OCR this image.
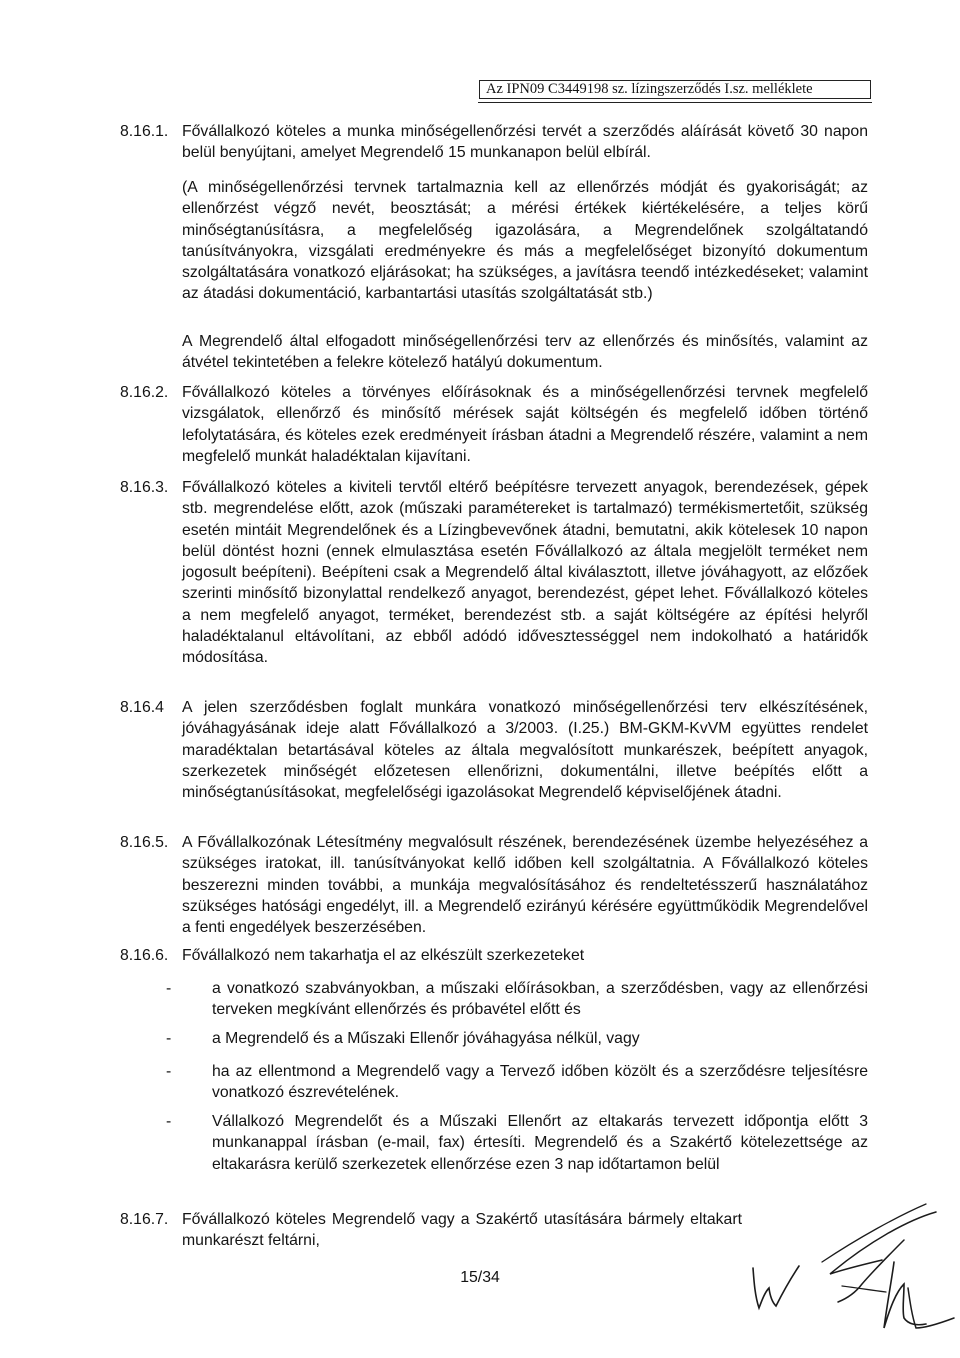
Az IPN09 C3449198 sz. lízingszerződés I.sz. melléklete
8.16.1. Fővállalkozó köteles a munka minőségellenőrzési tervét a szerződés aláírását követő 30 napon belül benyújtani, amelyet Megrendelő 15 munkanapon belül elbírál.

(A minőségellenőrzési tervnek tartalmaznia kell az ellenőrzés módját és gyakoriságát; az ellenőrzést végző nevét, beosztását; a mérési értékek kiértékelésére, a teljes körű minőségtanúsításra, a megfelelőség igazolására, a Megrendelőnek szolgáltatandó tanúsítványokra, vizsgálati eredményekre és más a megfelelőséget bizonyító dokumentum szolgáltatására vonatkozó eljárásokat; ha szükséges, a javításra teendő intézkedéseket; valamint az átadási dokumentáció, karbantartási utasítás szolgáltatását stb.)

A Megrendelő által elfogadott minőségellenőrzési terv az ellenőrzés és minősítés, valamint az átvétel tekintetében a felekre kötelező hatályú dokumentum.

8.16.2. Fővállalkozó köteles a törvényes előírásoknak és a minőségellenőrzési tervnek megfelelő vizsgálatok, ellenőrző és minősítő mérések saját költségén és megfelelő időben történő lefolytatására, és köteles ezek eredményeit írásban átadni a Megrendelő részére, valamint a nem megfelelő munkát haladéktalan kijavítani.

8.16.3. Fővállalkozó köteles a kiviteli tervtől eltérő beépítésre tervezett anyagok, berendezések, gépek stb. megrendelése előtt, azok (műszaki paramétereket is tartalmazó) termékismertetőit, szükség esetén mintáit Megrendelőnek és a Lízingbevevőnek átadni, bemutatni, akik kötelesek 10 napon belül döntést hozni (ennek elmulasztása esetén Fővállalkozó az általa megjelölt terméket nem jogosult beépíteni). Beépíteni csak a Megrendelő által kiválasztott, illetve jóváhagyott, az előzőek szerinti minősítő bizonylattal rendelkező anyagot, berendezést, gépet lehet. Fővállalkozó köteles a nem megfelelő anyagot, terméket, berendezést stb. a saját költségére az építési helyről haladéktalanul eltávolítani, az ebből adódó idővesztességgel nem indokolható a határidők módosítása.

8.16.4	A jelen szerződésben foglalt munkára vonatkozó minőségellenőrzési terv elkészítésének, jóváhagyásának ideje alatt Fővállalkozó a 3/2003. (I.25.) BM-GKM-KvVM együttes rendelet maradéktalan betartásával köteles az általa megvalósított munkarészek, beépített anyagok, szerkezetek minőségét előzetesen ellenőrizni, dokumentálni, illetve beépítés előtt a minőségtanúsításokat, megfelelőségi igazolásokat Megrendelő képviselőjének átadni.

8.16.5. A Fővállalkozónak Létesítmény megvalósult részének, berendezésének üzembe helyezéséhez a szükséges iratokat, ill. tanúsítványokat kellő időben kell szolgáltatnia. A Fővállalkozó köteles beszerezni minden további, a munkája megvalósításához és rendeltetésszerű használatához szükséges hatósági engedélyt, ill. a Megrendelő ezirányú kérésére együttműködik Megrendelővel a fenti engedélyek beszerzésében.

8.16.6. Fővállalkozó nem takarhatja el az elkészült szerkezeteket

-	a vonatkozó szabványokban, a műszaki előírásokban, a szerződésben, vagy az ellenőrzési terveken megkívánt ellenőrzés és próbavétel előtt és

-	a Megrendelő és a Műszaki Ellenőr jóváhagyása nélkül, vagy

-	ha az ellentmond a Megrendelő vagy a Tervező időben közölt és a szerződésre teljesítésre vonatkozó észrevételének.

-	Vállalkozó Megrendelőt és a Műszaki Ellenőrt az eltakarás tervezett időpontja előtt 3 munkanappal írásban (e-mail, fax) értesíti. Megrendelő és a Szakértő kötelezettsége az eltakarásra kerülő szerkezetek ellenőrzése ezen 3 nap időtartamon belül

8.16.7. Fővállalkozó köteles Megrendelő vagy a Szakértő utasítására bármely eltakart munkarészt feltárni,

15/34
